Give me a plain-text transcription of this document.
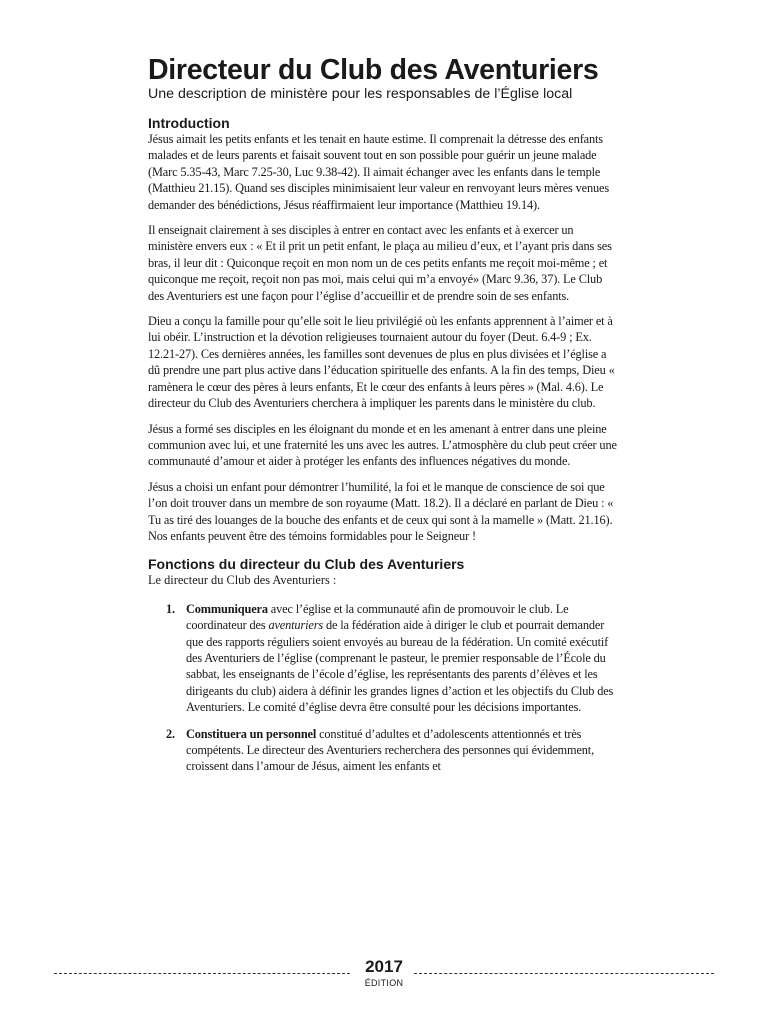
Directeur du Club des Aventuriers

Une description de ministère pour les responsables de l’Église local

Introduction

Jésus aimait les petits enfants et les tenait en haute estime. Il comprenait la détresse des enfants malades et de leurs parents et faisait souvent tout en son possible pour guérir un jeune malade (Marc 5.35-43, Marc 7.25-30, Luc 9.38-42). Il aimait échanger avec les enfants dans le temple (Matthieu 21.15). Quand ses disciples minimisaient leur valeur en renvoyant leurs mères venues demander des bénédictions, Jésus réaffirmaient leur importance (Matthieu 19.14).

Il enseignait clairement à ses disciples à entrer en contact avec les enfants et à exercer un ministère envers eux : « Et il prit un petit enfant, le plaça au milieu d’eux, et l’ayant pris dans ses bras, il leur dit : Quiconque reçoit en mon nom un de ces petits enfants me reçoit moi-même ; et quiconque me reçoit, reçoit non pas moi, mais celui qui m’a envoyé» (Marc 9.36, 37). Le Club des Aventuriers est une façon pour l’église d’accueillir et de prendre soin de ses enfants.

Dieu a conçu la famille pour qu’elle soit le lieu privilégié où les enfants apprennent à l’aimer et à lui obéir. L’instruction et la dévotion religieuses tournaient autour du foyer (Deut. 6.4-9 ; Ex. 12.21-27). Ces dernières années, les familles sont devenues de plus en plus divisées et l’église a dû prendre une part plus active dans l’éducation spirituelle des enfants. A la fin des temps, Dieu « ramènera le cœur des pères à leurs enfants, Et le cœur des enfants à leurs pères » (Mal. 4.6). Le directeur du Club des Aventuriers cherchera à impliquer les parents dans le ministère du club.

Jésus a formé ses disciples en les éloignant du monde et en les amenant à entrer dans une pleine communion avec lui, et une fraternité les uns avec les autres. L’atmosphère du club peut créer une communauté d’amour et aider à protéger les enfants des influences négatives du monde.

Jésus a choisi un enfant pour démontrer l’humilité, la foi et le manque de conscience de soi que l’on doit trouver dans un membre de son royaume (Matt. 18.2). Il a déclaré en parlant de Dieu : « Tu as tiré des louanges de la bouche des enfants et de ceux qui sont à la mamelle » (Matt. 21.16). Nos enfants peuvent être des témoins formidables pour le Seigneur !

Fonctions du directeur du Club des Aventuriers

Le directeur du Club des Aventuriers :

1. Communiquera avec l’église et la communauté afin de promouvoir le club. Le coordinateur des aventuriers de la fédération aide à diriger le club et pourrait demander que des rapports réguliers soient envoyés au bureau de la fédération. Un comité exécutif des Aventuriers de l’église (comprenant le pasteur, le premier responsable de l’École du sabbat, les enseignants de l’école d’église, les représentants des parents d’élèves et les dirigeants du club) aidera à définir les grandes lignes d’action et les objectifs du Club des Aventuriers. Le comité d’église devra être consulté pour les décisions importantes.
2. Constituera un personnel constitué d’adultes et d’adolescents attentionnés et très compétents. Le directeur des Aventuriers recherchera des personnes qui évidemment, croissent dans l’amour de Jésus, aiment les enfants et
2017
ÉDITION
